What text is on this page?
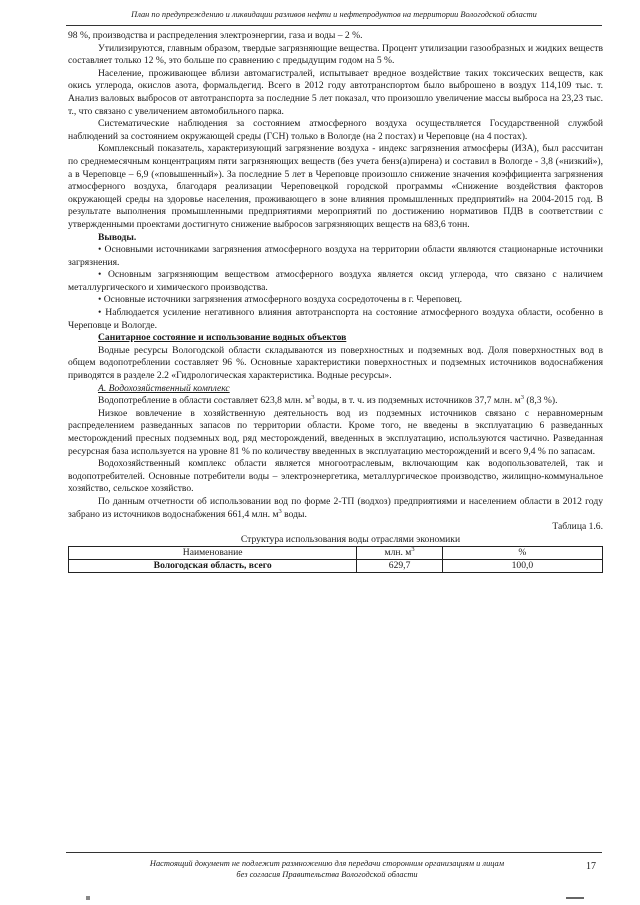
План по предупреждению и ликвидации разливов нефти и нефтепродуктов на территории Вологодской области

98 %, производства и распределения электроэнергии, газа и воды – 2 %.

Утилизируются, главным образом, твердые загрязняющие вещества. Процент утилизации газообразных и жидких веществ составляет только 12 %, это больше по сравнению с предыдущим годом на 5 %.

Население, проживающее вблизи автомагистралей, испытывает вредное воздействие таких токсических веществ, как окись углерода, окислов азота, формальдегид. Всего в 2012 году автотранспортом было выброшено в воздух 114,109 тыс. т. Анализ валовых выбросов от автотранспорта за последние 5 лет показал, что произошло увеличение массы выброса на 23,23 тыс. т., что связано с увеличением автомобильного парка.

Систематические наблюдения за состоянием атмосферного воздуха осуществляется Государственной службой наблюдений за состоянием окружающей среды (ГСН) только в Вологде (на 2 постах) и Череповце (на 4 постах).

Комплексный показатель, характеризующий загрязнение воздуха - индекс загрязнения атмосферы (ИЗА), был рассчитан по среднемесячным концентрациям пяти загрязняющих веществ (без учета бенз(а)пирена) и составил в Вологде - 3,8 («низкий»), а в Череповце – 6,9 («повышенный»). За последние 5 лет в Череповце произошло снижение значения коэффициента загрязнения атмосферного воздуха, благодаря реализации Череповецкой городской программы «Снижение воздействия факторов окружающей среды на здоровье населения, проживающего в зоне влияния промышленных предприятий» на 2004-2015 год. В результате выполнения промышленными предприятиями мероприятий по достижению нормативов ПДВ в соответствии с утвержденными проектами достигнуто снижение выбросов загрязняющих веществ на 683,6 тонн.

Выводы.

• Основными источниками загрязнения атмосферного воздуха на территории области являются стационарные источники загрязнения.

• Основным загрязняющим веществом атмосферного воздуха является оксид углерода, что связано с наличием металлургического и химического производства.

• Основные источники загрязнения атмосферного воздуха сосредоточены в г. Череповец.

• Наблюдается усиление негативного влияния автотранспорта на состояние атмосферного воздуха области, особенно в Череповце и Вологде.

Санитарное состояние и использование водных объектов

Водные ресурсы Вологодской области складываются из поверхностных и подземных вод. Доля поверхностных вод в общем водопотреблении составляет 96 %. Основные характеристики поверхностных и подземных источников водоснабжения приводятся в разделе 2.2 «Гидрологическая характеристика. Водные ресурсы».

А. Водохозяйственный комплекс

Водопотребление в области составляет 623,8 млн. $м^3$ воды, в т. ч. из подземных источников 37,7 млн. $м^3$ (8,3 %).

Низкое вовлечение в хозяйственную деятельность вод из подземных источников связано с неравномерным распределением разведанных запасов по территории области. Кроме того, не введены в эксплуатацию 6 разведанных месторождений пресных подземных вод, ряд месторождений, введенных в эксплуатацию, используются частично. Разведанная ресурсная база используется на уровне 81 % по количеству введенных в эксплуатацию месторождений и всего 9,4 % по запасам.

Водохозяйственный комплекс области является многоотраслевым, включающим как водопользователей, так и водопотребителей. Основные потребители воды – электроэнергетика, металлургическое производство, жилищно-коммунальное хозяйство, сельское хозяйство.

По данным отчетности об использовании вод по форме 2-ТП (водхоз) предприятиями и населением области в 2012 году забрано из источников водоснабжения 661,4 млн. $м^3$ воды.

Таблица 1.6.

Структура использования воды отраслями экономики

Наименование	млн. $м^3$	%
Вологодская область, всего	629,7	100,0
Настоящий документ не подлежит размножению для передачи сторонним организациям и лицам
без согласия Правительства Вологодской области
17
